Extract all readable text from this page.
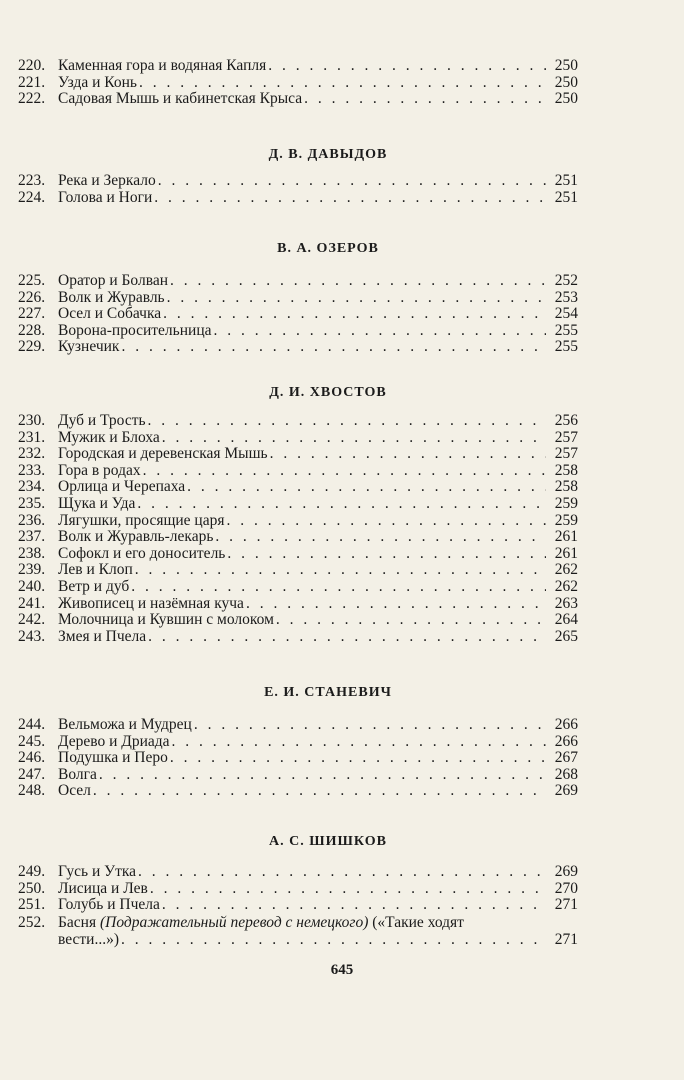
220. Каменная гора и водяная Капля . . .	250
221. Узда и Конь . . .	250
222. Садовая Мышь и кабинетская Крыса . . .	250
Д. В. ДАВЫДОВ
223. Река и Зеркало . . .	251
224. Голова и Ноги . . .	251
В. А. ОЗЕРОВ
225. Оратор и Болван . . .	252
226. Волк и Журавль . . .	253
227. Осел и Собачка . . .	254
228. Ворона-просительница . . .	255
229. Кузнечик . . .	255
Д. И. ХВОСТОВ
230. Дуб и Трость . . .	256
231. Мужик и Блоха . . .	257
232. Городская и деревенская Мышь . . .	257
233. Гора в родах . . .	258
234. Орлица и Черепаха . . .	258
235. Щука и Уда . . .	259
236. Лягушки, просящие царя . . .	259
237. Волк и Журавль-лекарь . . .	261
238. Софокл и его доноситель . . .	261
239. Лев и Клоп . . .	262
240. Ветр и дуб . . .	262
241. Живописец и назёмная куча . . .	263
242. Молочница и Кувшин с молоком . . .	264
243. Змея и Пчела . . .	265
Е. И. СТАНЕВИЧ
244. Вельможа и Мудрец . . .	266
245. Дерево и Дриада . . .	266
246. Подушка и Перо . . .	267
247. Волга . . .	268
248. Осел . . .	269
А. С. ШИШКОВ
249. Гусь и Утка . . .	269
250. Лисица и Лев . . .	270
251. Голубь и Пчела . . .	271
252. Басня (Подражательный перевод с немецкого) («Такие ходят
вести...») . . .	271
645
